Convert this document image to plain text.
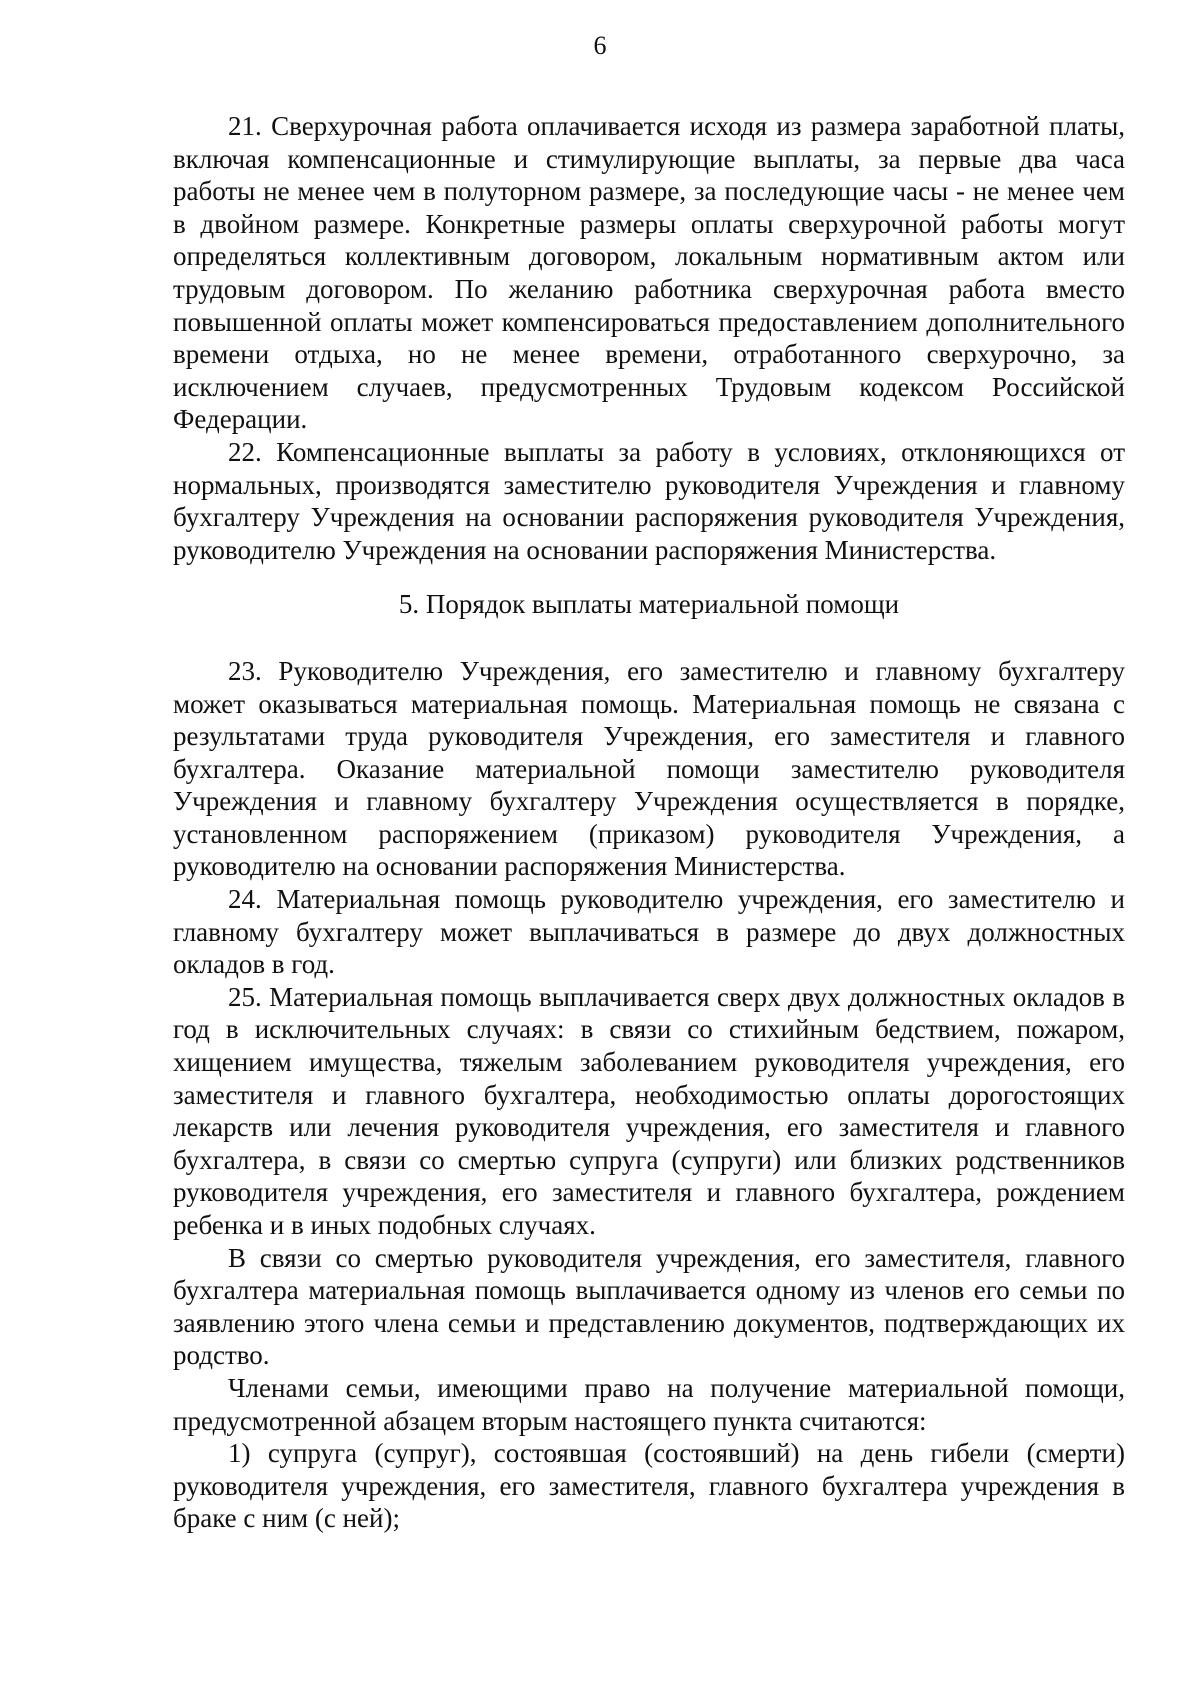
6

21. Сверхурочная работа оплачивается исходя из размера заработной платы, включая компенсационные и стимулирующие выплаты, за первые два часа работы не менее чем в полуторном размере, за последующие часы - не менее чем в двойном размере. Конкретные размеры оплаты сверхурочной работы могут определяться коллективным договором, локальным нормативным актом или трудовым договором. По желанию работника сверхурочная работа вместо повышенной оплаты может компенсироваться предоставлением дополнительного времени отдыха, но не менее времени, отработанного сверхурочно, за исключением случаев, предусмотренных Трудовым кодексом Российской Федерации.

22. Компенсационные выплаты за работу в условиях, отклоняющихся от нормальных, производятся заместителю руководителя Учреждения и главному бухгалтеру Учреждения на основании распоряжения руководителя Учреждения, руководителю Учреждения на основании распоряжения Министерства.

5. Порядок выплаты материальной помощи

23. Руководителю Учреждения, его заместителю и главному бухгалтеру может оказываться материальная помощь. Материальная помощь не связана с результатами труда руководителя Учреждения, его заместителя и главного бухгалтера. Оказание материальной помощи заместителю руководителя Учреждения и главному бухгалтеру Учреждения осуществляется в порядке, установленном распоряжением (приказом) руководителя Учреждения, а руководителю на основании распоряжения Министерства.

24. Материальная помощь руководителю учреждения, его заместителю и главному бухгалтеру может выплачиваться в размере до двух должностных окладов в год.

25. Материальная помощь выплачивается сверх двух должностных окладов в год в исключительных случаях: в связи со стихийным бедствием, пожаром, хищением имущества, тяжелым заболеванием руководителя учреждения, его заместителя и главного бухгалтера, необходимостью оплаты дорогостоящих лекарств или лечения руководителя учреждения, его заместителя и главного бухгалтера, в связи со смертью супруга (супруги) или близких родственников руководителя учреждения, его заместителя и главного бухгалтера, рождением ребенка и в иных подобных случаях.

В связи со смертью руководителя учреждения, его заместителя, главного бухгалтера материальная помощь выплачивается одному из членов его семьи по заявлению этого члена семьи и представлению документов, подтверждающих их родство.

Членами семьи, имеющими право на получение материальной помощи, предусмотренной абзацем вторым настоящего пункта считаются:

1) супруга (супруг), состоявшая (состоявший) на день гибели (смерти) руководителя учреждения, его заместителя, главного бухгалтера учреждения в браке с ним (с ней);
